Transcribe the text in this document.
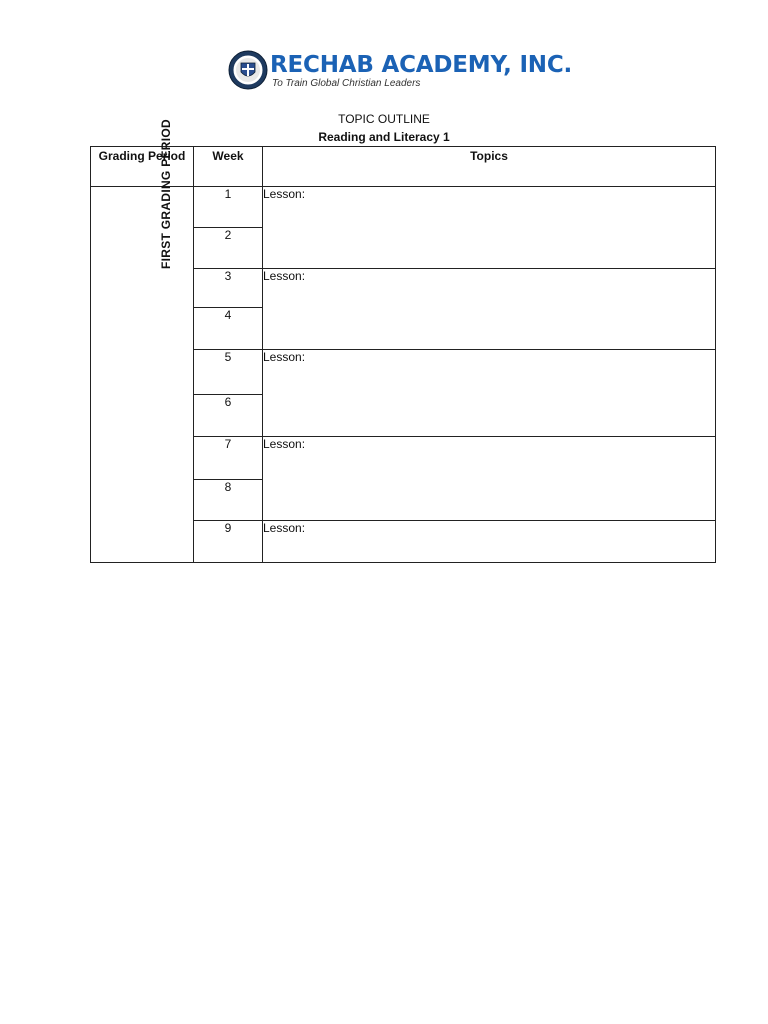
RECHAB ACADEMY, INC.
To Train Global Christian Leaders
TOPIC OUTLINE
Reading and Literacy 1
Grading Period	Week	Topics
FIRST GRADING PERIOD	1	Lesson:
	2	
	3	Lesson:
	4	
	5	Lesson:
	6	
	7	Lesson:
	8	
	9	Lesson:
